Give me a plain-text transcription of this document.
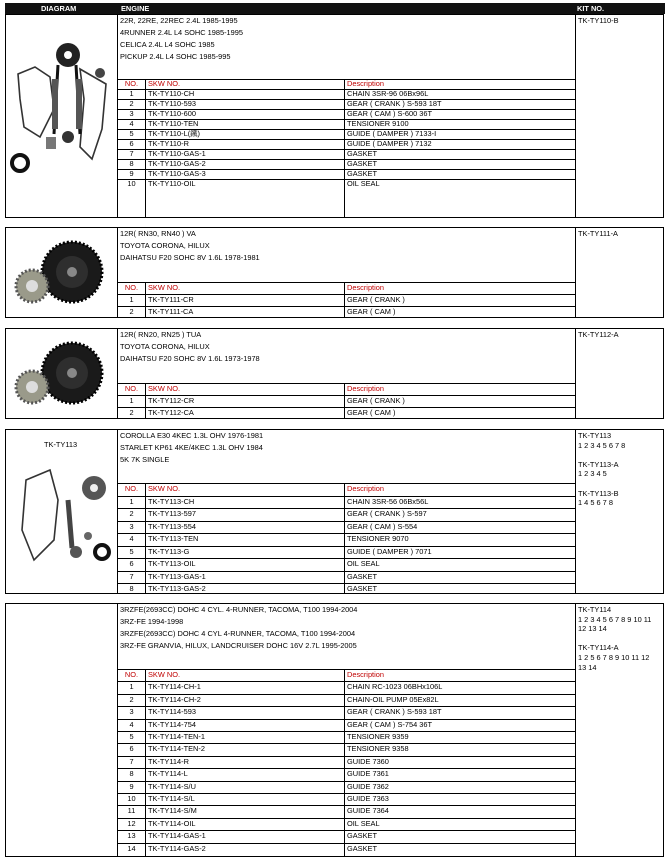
DIAGRAM	ENGINE	KIT NO.
22R, 22RE, 22REC 2.4L 1985-1995
4RUNNER 2.4L L4 SOHC 1985-1995
CELICA 2.4L L4 SOHC 1985
PICKUP 2.4L L4 SOHC 1985-995
TK-TY110-B
NO.	SKW NO.	Description
1	TK-TY110-CH	CHAIN 3SR-96 06Bx96L
2	TK-TY110-593	GEAR ( CRANK ) S-593 18T
3	TK-TY110-600	GEAR ( CAM ) S-600 36T
4	TK-TY110-TEN	TENSIONER 9100
5	TK-TY110-L(鐵)	GUIDE ( DAMPER ) 7133-I
6	TK-TY110-R	GUIDE ( DAMPER ) 7132
7	TK-TY110-GAS-1	GASKET
8	TK-TY110-GAS-2	GASKET
9	TK-TY110-GAS-3	GASKET
10	TK-TY110-OIL	OIL SEAL
12R( RN30, RN40 ) VA
TOYOTA CORONA, HILUX
DAIHATSU F20 SOHC 8V 1.6L 1978-1981
TK-TY111-A
NO.	SKW NO.	Description
1	TK-TY111-CR	GEAR ( CRANK )
2	TK-TY111-CA	GEAR ( CAM )
12R( RN20, RN25 ) TUA
TOYOTA CORONA, HILUX
DAIHATSU F20 SOHC 8V 1.6L 1973-1978
TK-TY112-A
NO.	SKW NO.	Description
1	TK-TY112-CR	GEAR ( CRANK )
2	TK-TY112-CA	GEAR ( CAM )
TK-TY113
COROLLA E30 4KEC 1.3L OHV 1976-1981
STARLET KP61 4KE/4KEC 1.3L OHV 1984
5K 7K SINGLE
TK-TY113
1 2 3 4 5 6 7 8
TK-TY113-A
1 2 3 4 5
TK-TY113-B
1 4 5 6 7 8
NO.	SKW NO.	Description
1	TK-TY113-CH	CHAIN 3SR-56 06Bx56L
2	TK-TY113-597	GEAR ( CRANK ) S-597
3	TK-TY113-554	GEAR ( CAM ) S-554
4	TK-TY113-TEN	TENSIONER 9070
5	TK-TY113-G	GUIDE ( DAMPER ) 7071
6	TK-TY113-OIL	OIL SEAL
7	TK-TY113-GAS-1	GASKET
8	TK-TY113-GAS-2	GASKET
3RZFE(2693CC) DOHC 4 CYL. 4-RUNNER, TACOMA, T100 1994-2004
3RZ-FE 1994-1998
3RZFE(2693CC) DOHC 4 CYL 4-RUNNER, TACOMA, T100 1994-2004
3RZ-FE GRANVIA, HILUX, LANDCRUISER DOHC 16V 2.7L 1995-2005
TK-TY114
1 2 3 4 5 6 7 8 9 10 11
12 13 14
TK-TY114-A
1 2 5 6 7 8 9 10 11 12
13 14
NO.	SKW NO.	Description
1	TK-TY114-CH-1	CHAIN RC-1023 06BHx106L
2	TK-TY114-CH-2	CHAIN-OIL PUMP 05Ex82L
3	TK-TY114-593	GEAR ( CRANK ) S-593 18T
4	TK-TY114-754	GEAR ( CAM ) S-754 36T
5	TK-TY114-TEN-1	TENSIONER 9359
6	TK-TY114-TEN-2	TENSIONER 9358
7	TK-TY114-R	GUIDE 7360
8	TK-TY114-L	GUIDE 7361
9	TK-TY114-S/U	GUIDE 7362
10	TK-TY114-S/L	GUIDE 7363
11	TK-TY114-S/M	GUIDE 7364
12	TK-TY114-OIL	OIL SEAL
13	TK-TY114-GAS-1	GASKET
14	TK-TY114-GAS-2	GASKET
